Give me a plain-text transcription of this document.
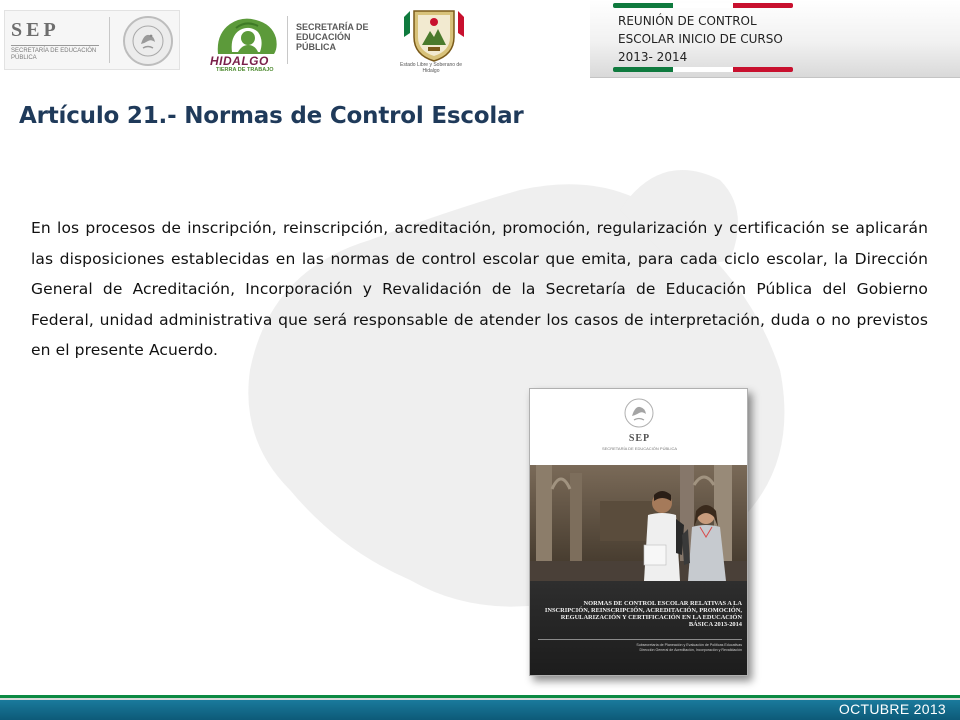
SEP
SECRETARÍA DE EDUCACIÓN PÚBLICA	HIDALGO
TIERRA DE TRABAJO
SECRETARÍA DE EDUCACIÓN PÚBLICA
Estado Libre y Soberano de Hidalgo
REUNIÓN DE CONTROL ESCOLAR INICIO DE CURSO 2013- 2014
Artículo 21.- Normas de Control Escolar
En los procesos de inscripción, reinscripción, acreditación, promoción, regularización y certificación se aplicarán las disposiciones establecidas en las normas de control escolar que emita, para cada ciclo escolar, la Dirección General de Acreditación, Incorporación y Revalidación de la Secretaría de Educación Pública del Gobierno Federal, unidad administrativa que será responsable de atender los casos de interpretación, duda o no previstos en el presente Acuerdo.
SEP
SECRETARÍA DE EDUCACIÓN PÚBLICA
NORMAS DE CONTROL ESCOLAR RELATIVAS A LA INSCRIPCIÓN, REINSCRIPCIÓN, ACREDITACIÓN, PROMOCIÓN, REGULARIZACIÓN Y CERTIFICACIÓN EN LA EDUCACIÓN BÁSICA 2013-2014
Subsecretaría de Planeación y Evaluación de Políticas Educativas
Dirección General de Acreditación, Incorporación y Revalidación
OCTUBRE 2013
